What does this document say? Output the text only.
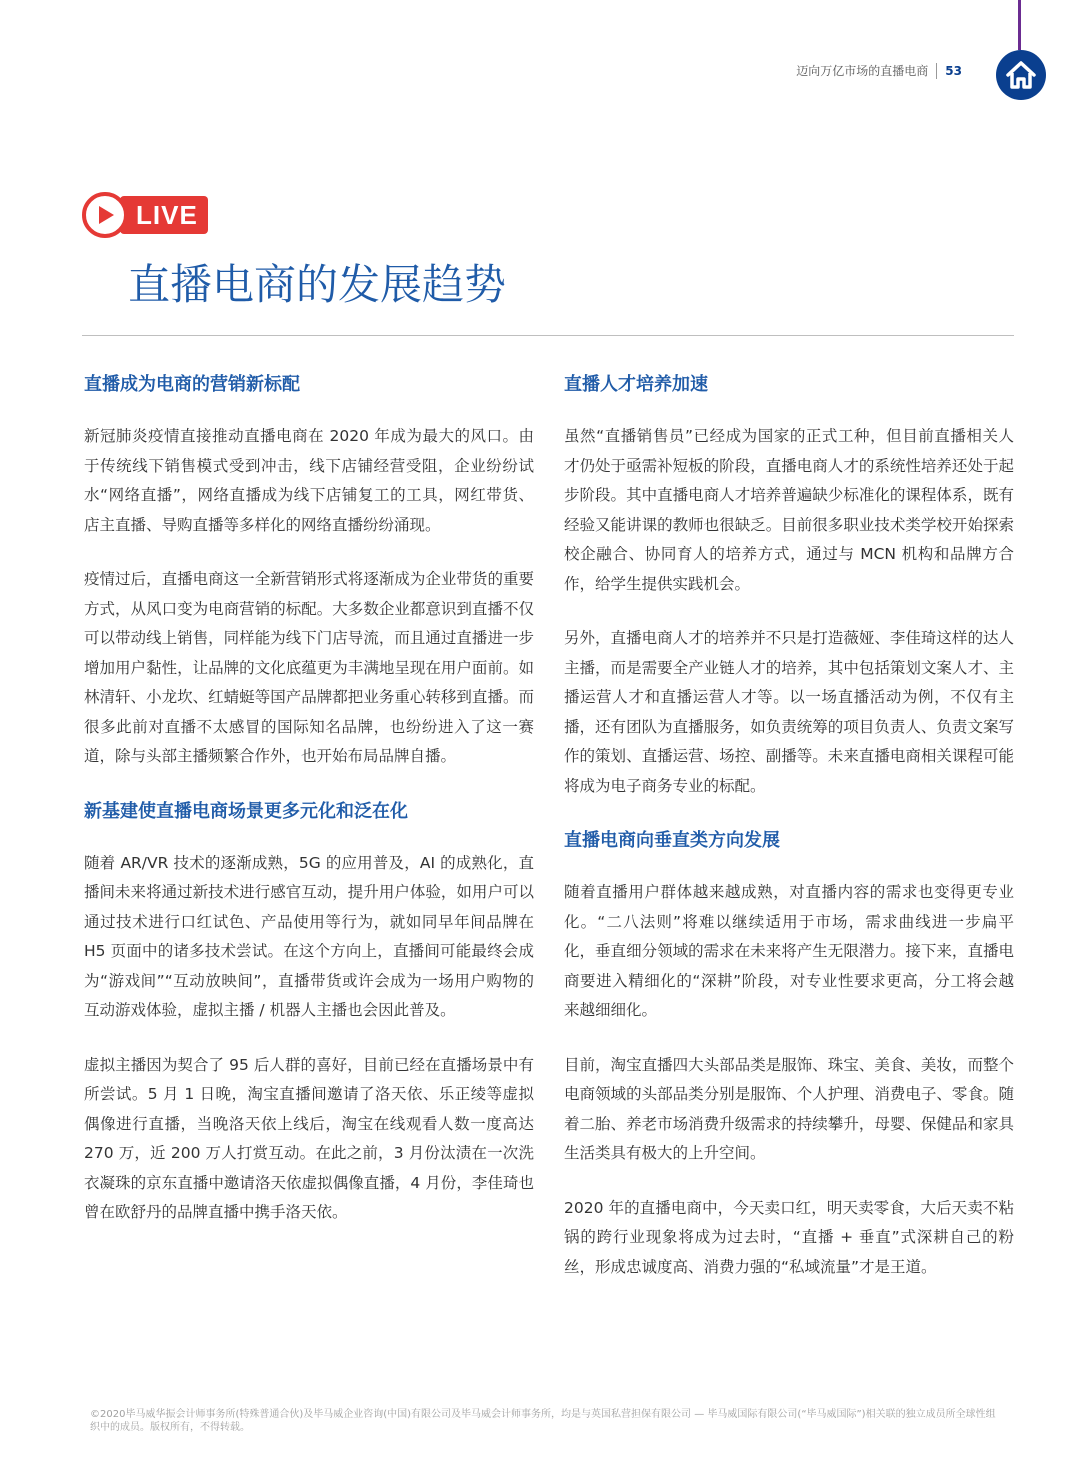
迈向万亿市场的直播电商 53
LIVE
直播电商的发展趋势
直播成为电商的营销新标配

新冠肺炎疫情直接推动直播电商在 2020 年成为最大的风口。由于传统线下销售模式受到冲击，线下店铺经营受阻，企业纷纷试水“网络直播”，网络直播成为线下店铺复工的工具，网红带货、店主直播、导购直播等多样化的网络直播纷纷涌现。

疫情过后，直播电商这一全新营销形式将逐渐成为企业带货的重要方式，从风口变为电商营销的标配。大多数企业都意识到直播不仅可以带动线上销售，同样能为线下门店导流，而且通过直播进一步增加用户黏性，让品牌的文化底蕴更为丰满地呈现在用户面前。如林清轩、小龙坎、红蜻蜓等国产品牌都把业务重心转移到直播。而很多此前对直播不太感冒的国际知名品牌，也纷纷进入了这一赛道，除与头部主播频繁合作外，也开始布局品牌自播。

新基建使直播电商场景更多元化和泛在化

随着 AR/VR 技术的逐渐成熟，5G 的应用普及，AI 的成熟化，直播间未来将通过新技术进行感官互动，提升用户体验，如用户可以通过技术进行口红试色、产品使用等行为，就如同早年间品牌在 H5 页面中的诸多技术尝试。在这个方向上，直播间可能最终会成为“游戏间”“互动放映间”，直播带货或许会成为一场用户购物的互动游戏体验，虚拟主播 / 机器人主播也会因此普及。

虚拟主播因为契合了 95 后人群的喜好，目前已经在直播场景中有所尝试。5 月 1 日晚，淘宝直播间邀请了洛天依、乐正绫等虚拟偶像进行直播，当晚洛天依上线后，淘宝在线观看人数一度高达 270 万，近 200 万人打赏互动。在此之前，3 月份汰渍在一次洗衣凝珠的京东直播中邀请洛天依虚拟偶像直播，4 月份，李佳琦也曾在欧舒丹的品牌直播中携手洛天依。

直播人才培养加速

虽然“直播销售员”已经成为国家的正式工种，但目前直播相关人才仍处于亟需补短板的阶段，直播电商人才的系统性培养还处于起步阶段。其中直播电商人才培养普遍缺少标准化的课程体系，既有经验又能讲课的教师也很缺乏。目前很多职业技术类学校开始探索校企融合、协同育人的培养方式，通过与 MCN 机构和品牌方合作，给学生提供实践机会。

另外，直播电商人才的培养并不只是打造薇娅、李佳琦这样的达人主播，而是需要全产业链人才的培养，其中包括策划文案人才、主播运营人才和直播运营人才等。以一场直播活动为例，不仅有主播，还有团队为直播服务，如负责统筹的项目负责人、负责文案写作的策划、直播运营、场控、副播等。未来直播电商相关课程可能将成为电子商务专业的标配。

直播电商向垂直类方向发展

随着直播用户群体越来越成熟，对直播内容的需求也变得更专业化。“二八法则”将难以继续适用于市场，需求曲线进一步扁平化，垂直细分领域的需求在未来将产生无限潜力。接下来，直播电商要进入精细化的“深耕”阶段，对专业性要求更高，分工将会越来越细细化。

目前，淘宝直播四大头部品类是服饰、珠宝、美食、美妆，而整个电商领域的头部品类分别是服饰、个人护理、消费电子、零食。随着二胎、养老市场消费升级需求的持续攀升，母婴、保健品和家具生活类具有极大的上升空间。

2020 年的直播电商中，今天卖口红，明天卖零食，大后天卖不粘锅的跨行业现象将成为过去时，“直播 + 垂直”式深耕自己的粉丝，形成忠诚度高、消费力强的“私域流量”才是王道。

©2020毕马威华振会计师事务所(特殊普通合伙)及毕马威企业咨询(中国)有限公司及毕马威会计师事务所，均是与英国私营担保有限公司 — 毕马威国际有限公司(“毕马威国际”)相关联的独立成员所全球性组织中的成员。版权所有，不得转载。
